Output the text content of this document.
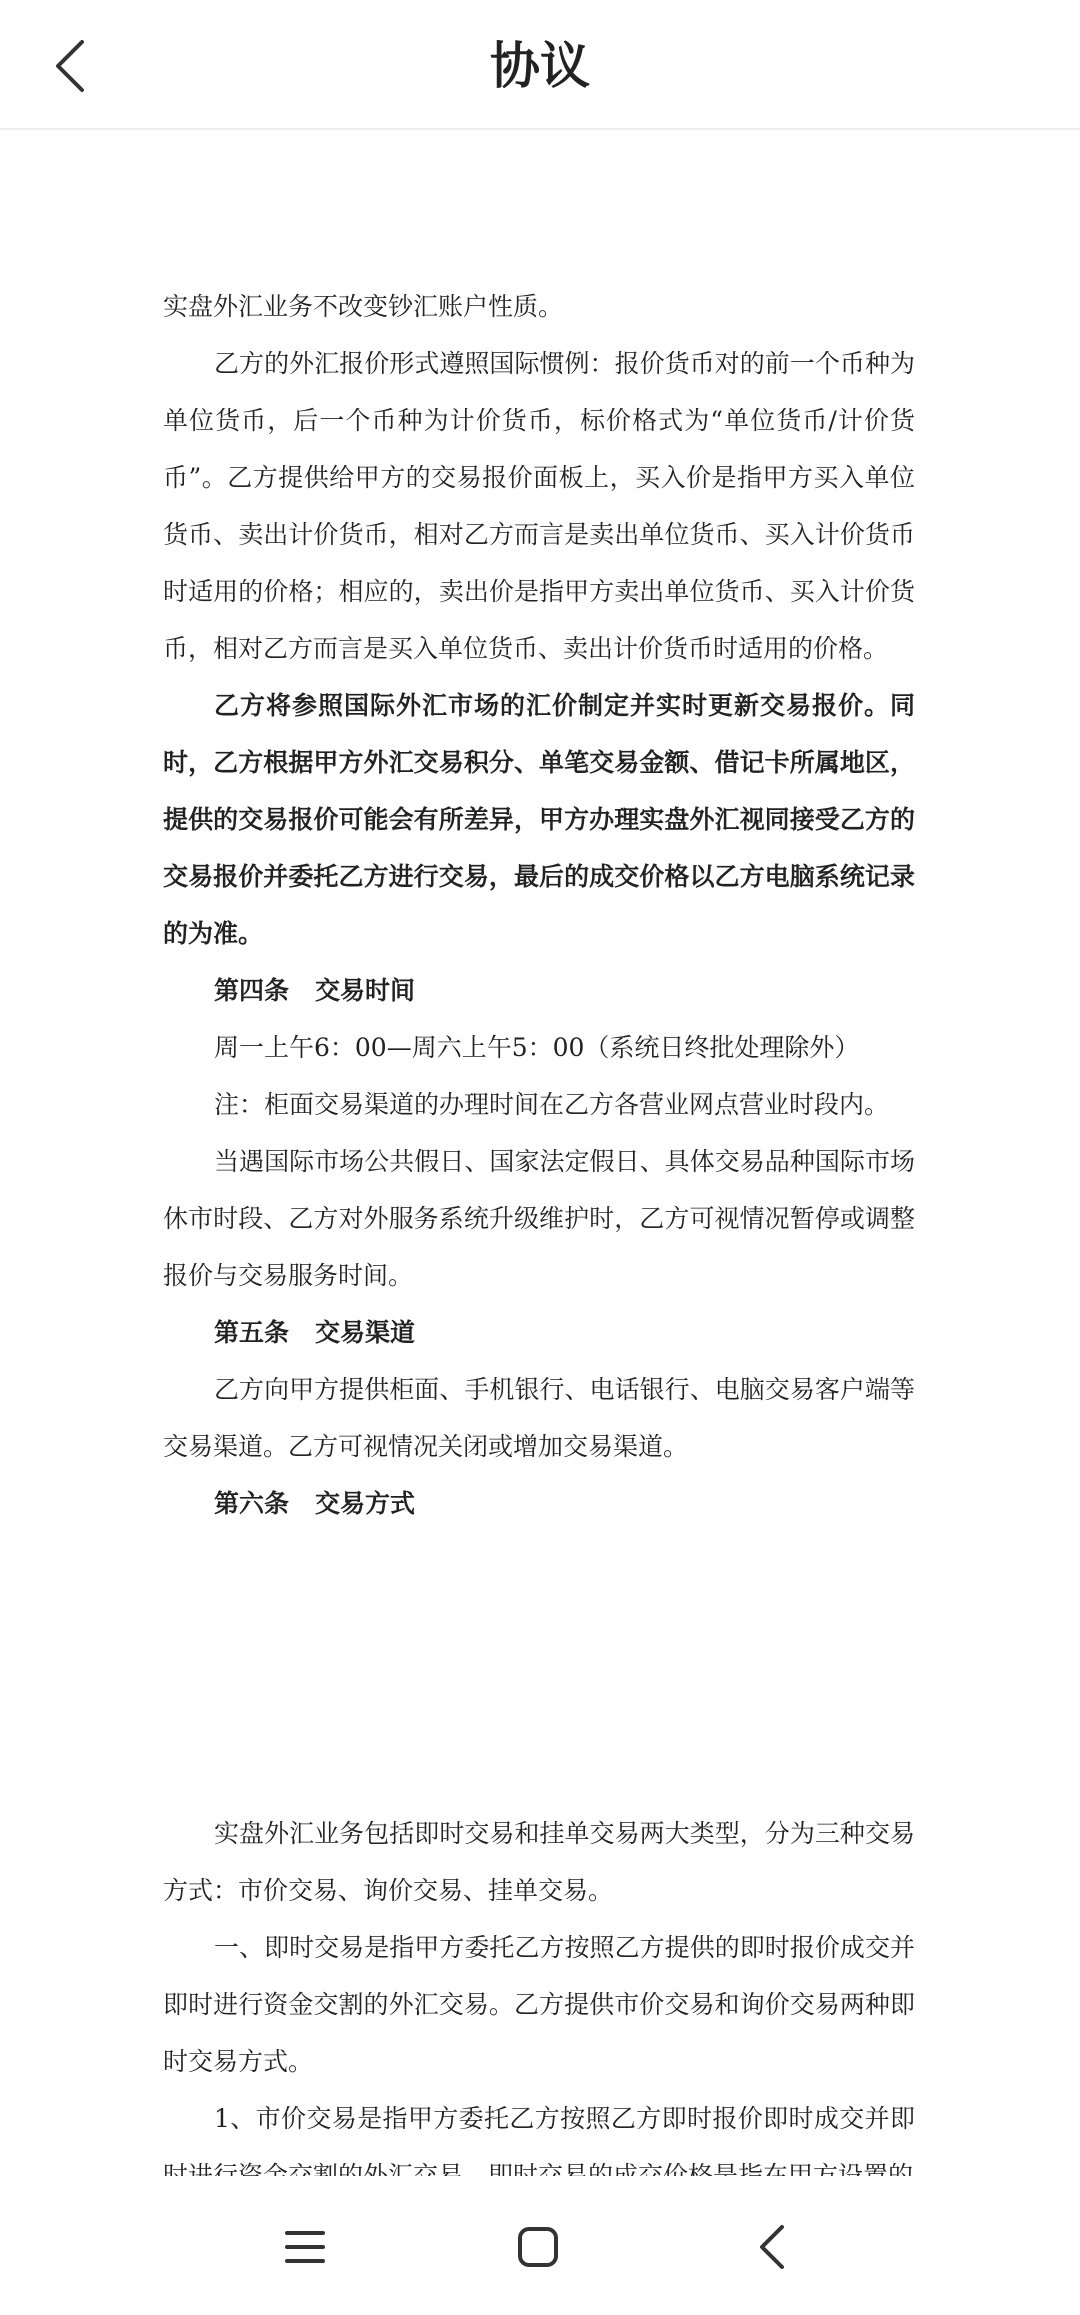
协议

实盘外汇业务不改变钞汇账户性质。

乙方的外汇报价形式遵照国际惯例：报价货币对的前一个币种为单位货币，后一个币种为计价货币，标价格式为“单位货币/计价货币”。乙方提供给甲方的交易报价面板上，买入价是指甲方买入单位货币、卖出计价货币，相对乙方而言是卖出单位货币、买入计价货币时适用的价格；相应的，卖出价是指甲方卖出单位货币、买入计价货币，相对乙方而言是买入单位货币、卖出计价货币时适用的价格。

乙方将参照国际外汇市场的汇价制定并实时更新交易报价。同时，乙方根据甲方外汇交易积分、单笔交易金额、借记卡所属地区，提供的交易报价可能会有所差异，甲方办理实盘外汇视同接受乙方的交易报价并委托乙方进行交易，最后的成交价格以乙方电脑系统记录的为准。

第四条 交易时间

周一上午6：00—周六上午5：00（系统日终批处理除外）

注：柜面交易渠道的办理时间在乙方各营业网点营业时段内。

当遇国际市场公共假日、国家法定假日、具体交易品种国际市场休市时段、乙方对外服务系统升级维护时，乙方可视情况暂停或调整报价与交易服务时间。

第五条 交易渠道

乙方向甲方提供柜面、手机银行、电话银行、电脑交易客户端等交易渠道。乙方可视情况关闭或增加交易渠道。

第六条 交易方式

实盘外汇业务包括即时交易和挂单交易两大类型，分为三种交易方式：市价交易、询价交易、挂单交易。

一、即时交易是指甲方委托乙方按照乙方提供的即时报价成交并即时进行资金交割的外汇交易。乙方提供市价交易和询价交易两种即时交易方式。

1、市价交易是指甲方委托乙方按照乙方即时报价即时成交并即
